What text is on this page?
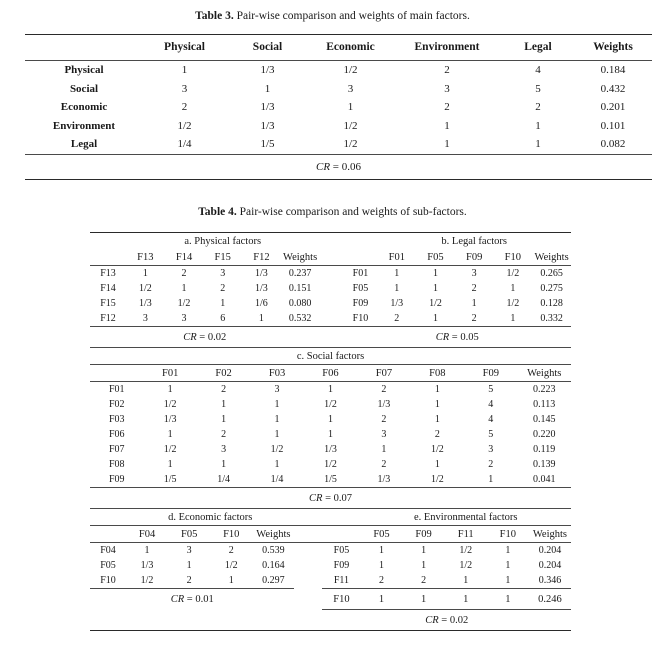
Table 3. Pair-wise comparison and weights of main factors.
	Physical	Social	Economic	Environment	Legal	Weights
Physical	1	1/3	1/2	2	4	0.184
Social	3	1	3	3	5	0.432
Economic	2	1/3	1	2	2	0.201
Environment	1/2	1/3	1/2	1	1	0.101
Legal	1/4	1/5	1/2	1	1	0.082
CR = 0.06						
Table 4. Pair-wise comparison and weights of sub-factors.
	a. Physical factors							b. Legal factors				
	F13	F14	F15	F12	Weights			F01	F05	F09	F10	Weights
F13	1	2	3	1/3	0.237		F01	1	1	3	1/2	0.265
F14	1/2	1	2	1/3	0.151		F05	1	1	2	1	0.275
F15	1/3	1/2	1	1/6	0.080		F09	1/3	1/2	1	1/2	0.128
F12	3	3	6	1	0.532		F10	2	1	2	1	0.332
CR = 0.02							CR = 0.05					
c. Social factors								
	F01	F02	F03	F06	F07	F08	F09	Weights
F01	1	2	3	1	2	1	5	0.223
F02	1/2	1	1	1/2	1/3	1	4	0.113
F03	1/3	1	1	1	2	1	4	0.145
F06	1	2	1	1	3	2	5	0.220
F07	1/2	3	1/2	1/3	1	1/2	3	0.119
F08	1	1	1	1/2	2	1	2	0.139
F09	1/5	1/4	1/4	1/5	1/3	1/2	1	0.041
CR = 0.07								
	d. Economic factors						e. Environmental factors				
	F04	F05	F10	Weights			F05	F09	F11	F10	Weights
F04	1	3	2	0.539		F05	1	1	1/2	1	0.204
F05	1/3	1	1/2	0.164		F09	1	1	1/2	1	0.204
F10	1/2	2	1	0.297		F11	2	2	1	1	0.346
CR = 0.01						F10	1	1	1	1	0.246
						CR = 0.02					
